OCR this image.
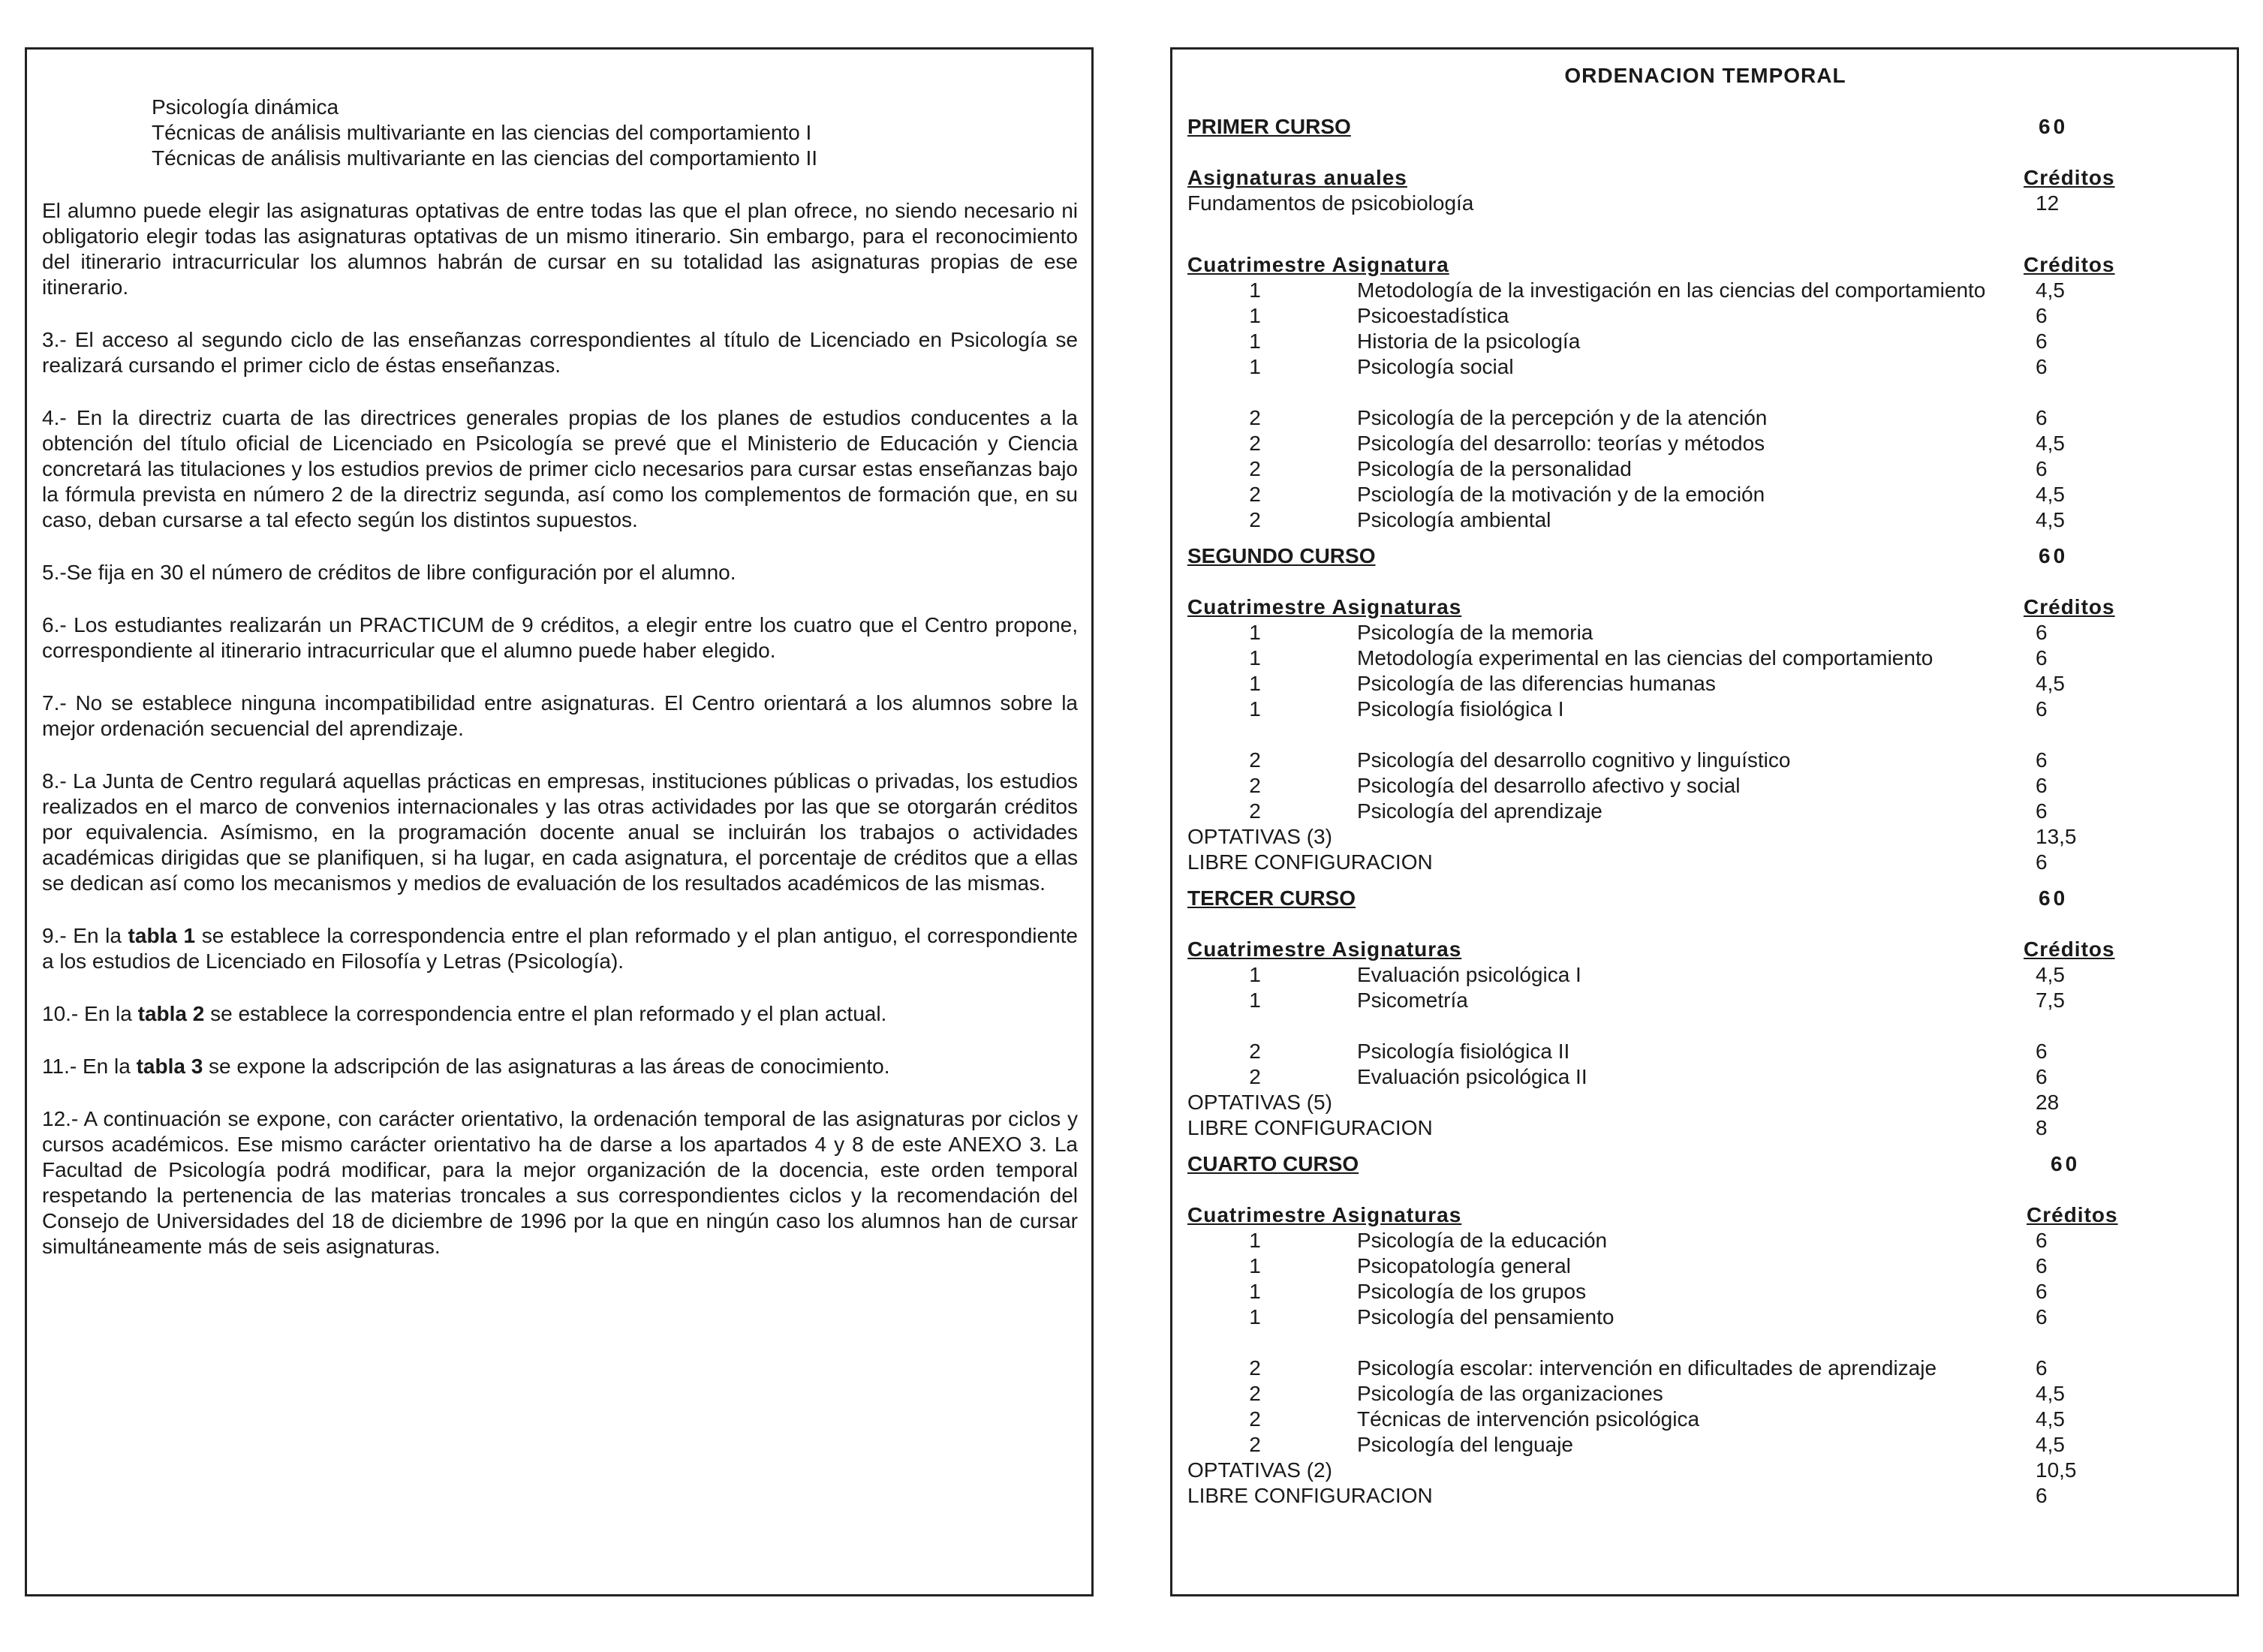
Psicología dinámica
Técnicas de análisis multivariante en las ciencias del comportamiento I
Técnicas de análisis multivariante en las ciencias del comportamiento II

El alumno puede elegir las asignaturas optativas de entre todas las que el plan ofrece, no siendo necesario ni obligatorio elegir todas las asignaturas optativas de un mismo itinerario. Sin embargo, para el reconocimiento del itinerario intracurricular los alumnos habrán de cursar en su totalidad las asignaturas propias de ese itinerario.

3.- El acceso al segundo ciclo de las enseñanzas correspondientes al título de Licenciado en Psicología se realizará cursando el primer ciclo de éstas enseñanzas.

4.- En la directriz cuarta de las directrices generales propias de los planes de estudios conducentes a la obtención del título oficial de Licenciado en Psicología se prevé que el Ministerio de Educación y Ciencia concretará las titulaciones y los estudios previos de primer ciclo necesarios para cursar estas enseñanzas bajo la fórmula prevista en número 2 de la directriz segunda, así como los complementos de formación que, en su caso, deban cursarse a tal efecto según los distintos supuestos.

5.-Se fija en 30 el número de créditos de libre configuración por el alumno.

6.- Los estudiantes realizarán un PRACTICUM de 9 créditos, a elegir entre los cuatro que el Centro propone, correspondiente al itinerario intracurricular que el alumno puede haber elegido.

7.- No se establece ninguna incompatibilidad entre asignaturas. El Centro orientará a los alumnos sobre la mejor ordenación secuencial del aprendizaje.

8.- La Junta de Centro regulará aquellas prácticas en empresas, instituciones públicas o privadas, los estudios realizados en el marco de convenios internacionales y las otras actividades por las que se otorgarán créditos por equivalencia. Asímismo, en la programación docente anual se incluirán los trabajos o actividades académicas dirigidas que se planifiquen, si ha lugar, en cada asignatura, el porcentaje de créditos que a ellas se dedican así como los mecanismos y medios de evaluación de los resultados académicos de las mismas.

9.- En la tabla 1 se establece la correspondencia entre el plan reformado y el plan antiguo, el correspondiente a los estudios de Licenciado en Filosofía y Letras (Psicología).

10.- En la tabla 2 se establece la correspondencia entre el plan reformado y el plan actual.

11.- En la tabla 3 se expone la adscripción de las asignaturas a las áreas de conocimiento.

12.- A continuación se expone, con carácter orientativo, la ordenación temporal de las asignaturas por ciclos y cursos académicos. Ese mismo carácter orientativo ha de darse a los apartados 4 y 8 de este ANEXO 3. La Facultad de Psicología podrá modificar, para la mejor organización de la docencia, este orden temporal respetando la pertenencia de las materias troncales a sus correspondientes ciclos y la recomendación del Consejo de Universidades del 18 de diciembre de 1996 por la que en ningún caso los alumnos han de cursar simultáneamente más de seis asignaturas.

ORDENACION TEMPORAL
PRIMER CURSO	60
Asignaturas anuales	Créditos
Fundamentos de psicobiología	12
Cuatrimestre Asignatura	Créditos
1	Metodología de la investigación en las ciencias del comportamiento 4,5
1	Psicoestadística	6
1	Historia de la psicología	6
1	Psicología social	6
2	Psicología de la percepción y de la atención	6
2	Psicología del desarrollo: teorías y métodos	4,5
2	Psicología de la personalidad	6
2	Psciología de la motivación y de la emoción	4,5
2	Psicología ambiental	4,5
SEGUNDO CURSO	60
Cuatrimestre Asignaturas	Créditos
1	Psicología de la memoria	6
1	Metodología experimental en las ciencias del comportamiento	6
1	Psicología de las diferencias humanas	4,5
1	Psicología fisiológica I	6
2	Psicología del desarrollo cognitivo y linguístico	6
2	Psicología del desarrollo afectivo y social	6
2	Psicología del aprendizaje	6
OPTATIVAS (3)	13,5
LIBRE CONFIGURACION	6
TERCER CURSO	60
Cuatrimestre Asignaturas	Créditos
1	Evaluación psicológica I	4,5
1	Psicometría	7,5
2	Psicología fisiológica II	6
2	Evaluación psicológica II	6
OPTATIVAS (5)	28
LIBRE CONFIGURACION	8
CUARTO CURSO	60
Cuatrimestre Asignaturas	Créditos
1	Psicología de la educación	6
1	Psicopatología general	6
1	Psicología de los grupos	6
1	Psicología del pensamiento	6
2	Psicología escolar: intervención en dificultades de aprendizaje	6
2	Psicología de las organizaciones	4,5
2	Técnicas de intervención psicológica	4,5
2	Psicología del lenguaje	4,5
OPTATIVAS (2)	10,5
LIBRE CONFIGURACION	6
